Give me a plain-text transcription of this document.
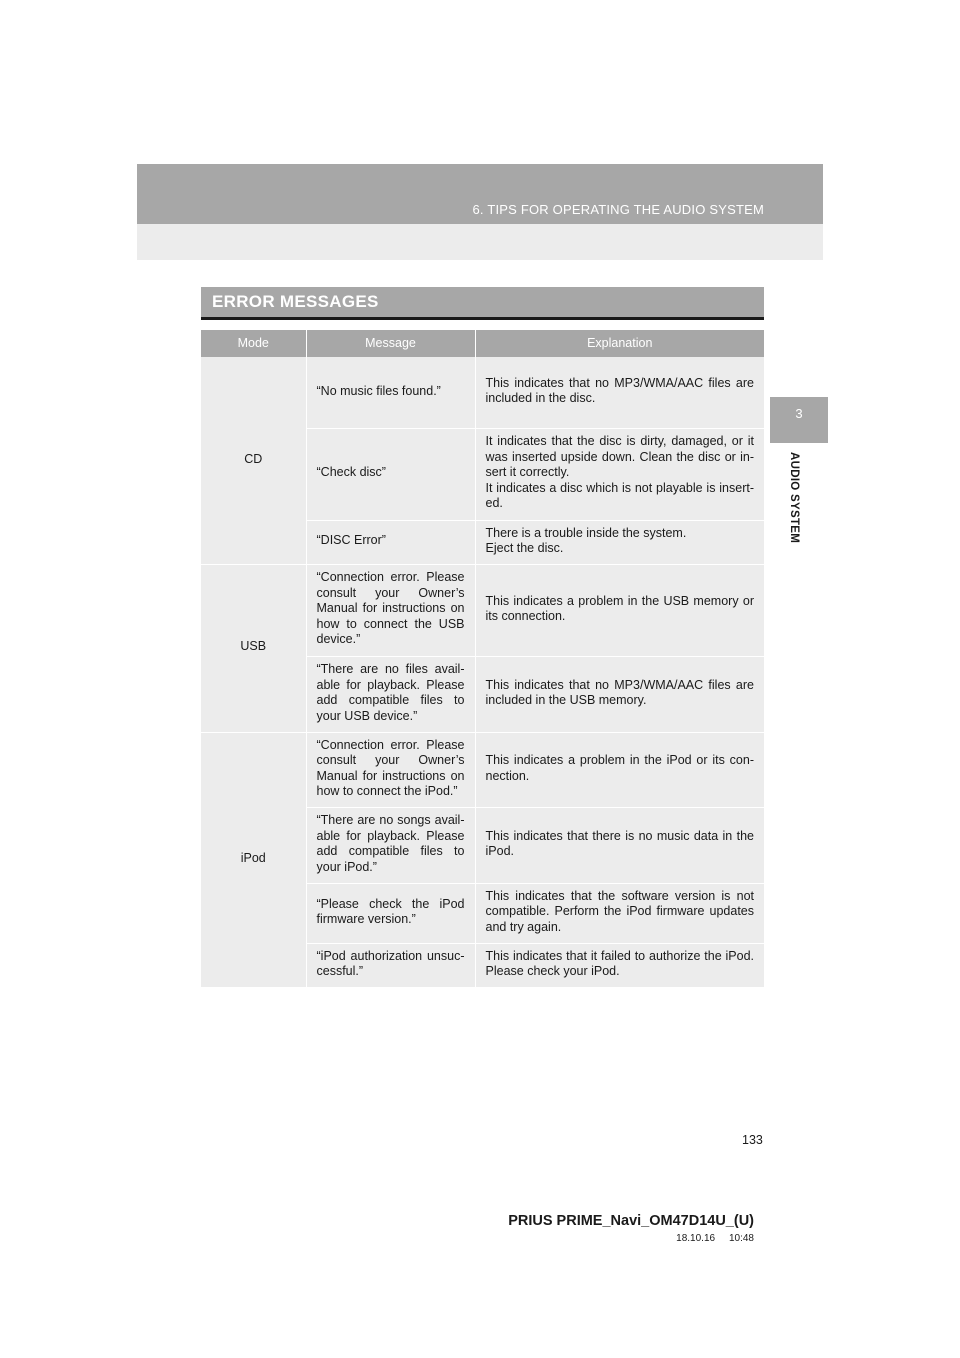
6. TIPS FOR OPERATING THE AUDIO SYSTEM
3
AUDIO SYSTEM
ERROR MESSAGES
Mode	Message	Explanation
CD	“No music files found.”	This indicates that no MP3/WMA/AAC files are included in the disc.
	“Check disc”	It indicates that the disc is dirty, damaged, or it was inserted upside down. Clean the disc or in-sert it correctly.
It indicates a disc which is not playable is insert-ed.
	“DISC Error”	There is a trouble inside the system.
Eject the disc.
USB	“Connection error. Please consult your Owner’s Manual for instructions on how to connect the USB device.”	This indicates a problem in the USB memory or its connection.
	“There are no files avail-able for playback. Please add compatible files to your USB device.”	This indicates that no MP3/WMA/AAC files are included in the USB memory.
iPod	“Connection error. Please consult your Owner’s Manual for instructions on how to connect the iPod.”	This indicates a problem in the iPod or its con-nection.
	“There are no songs avail-able for playback. Please add compatible files to your iPod.”	This indicates that there is no music data in the iPod.
	“Please check the iPod firmware version.”	This indicates that the software version is not compatible. Perform the iPod firmware updates and try again.
	“iPod authorization unsuc-cessful.”	This indicates that it failed to authorize the iPod. Please check your iPod.
133
PRIUS PRIME_Navi_OM47D14U_(U)
18.10.16     10:48
